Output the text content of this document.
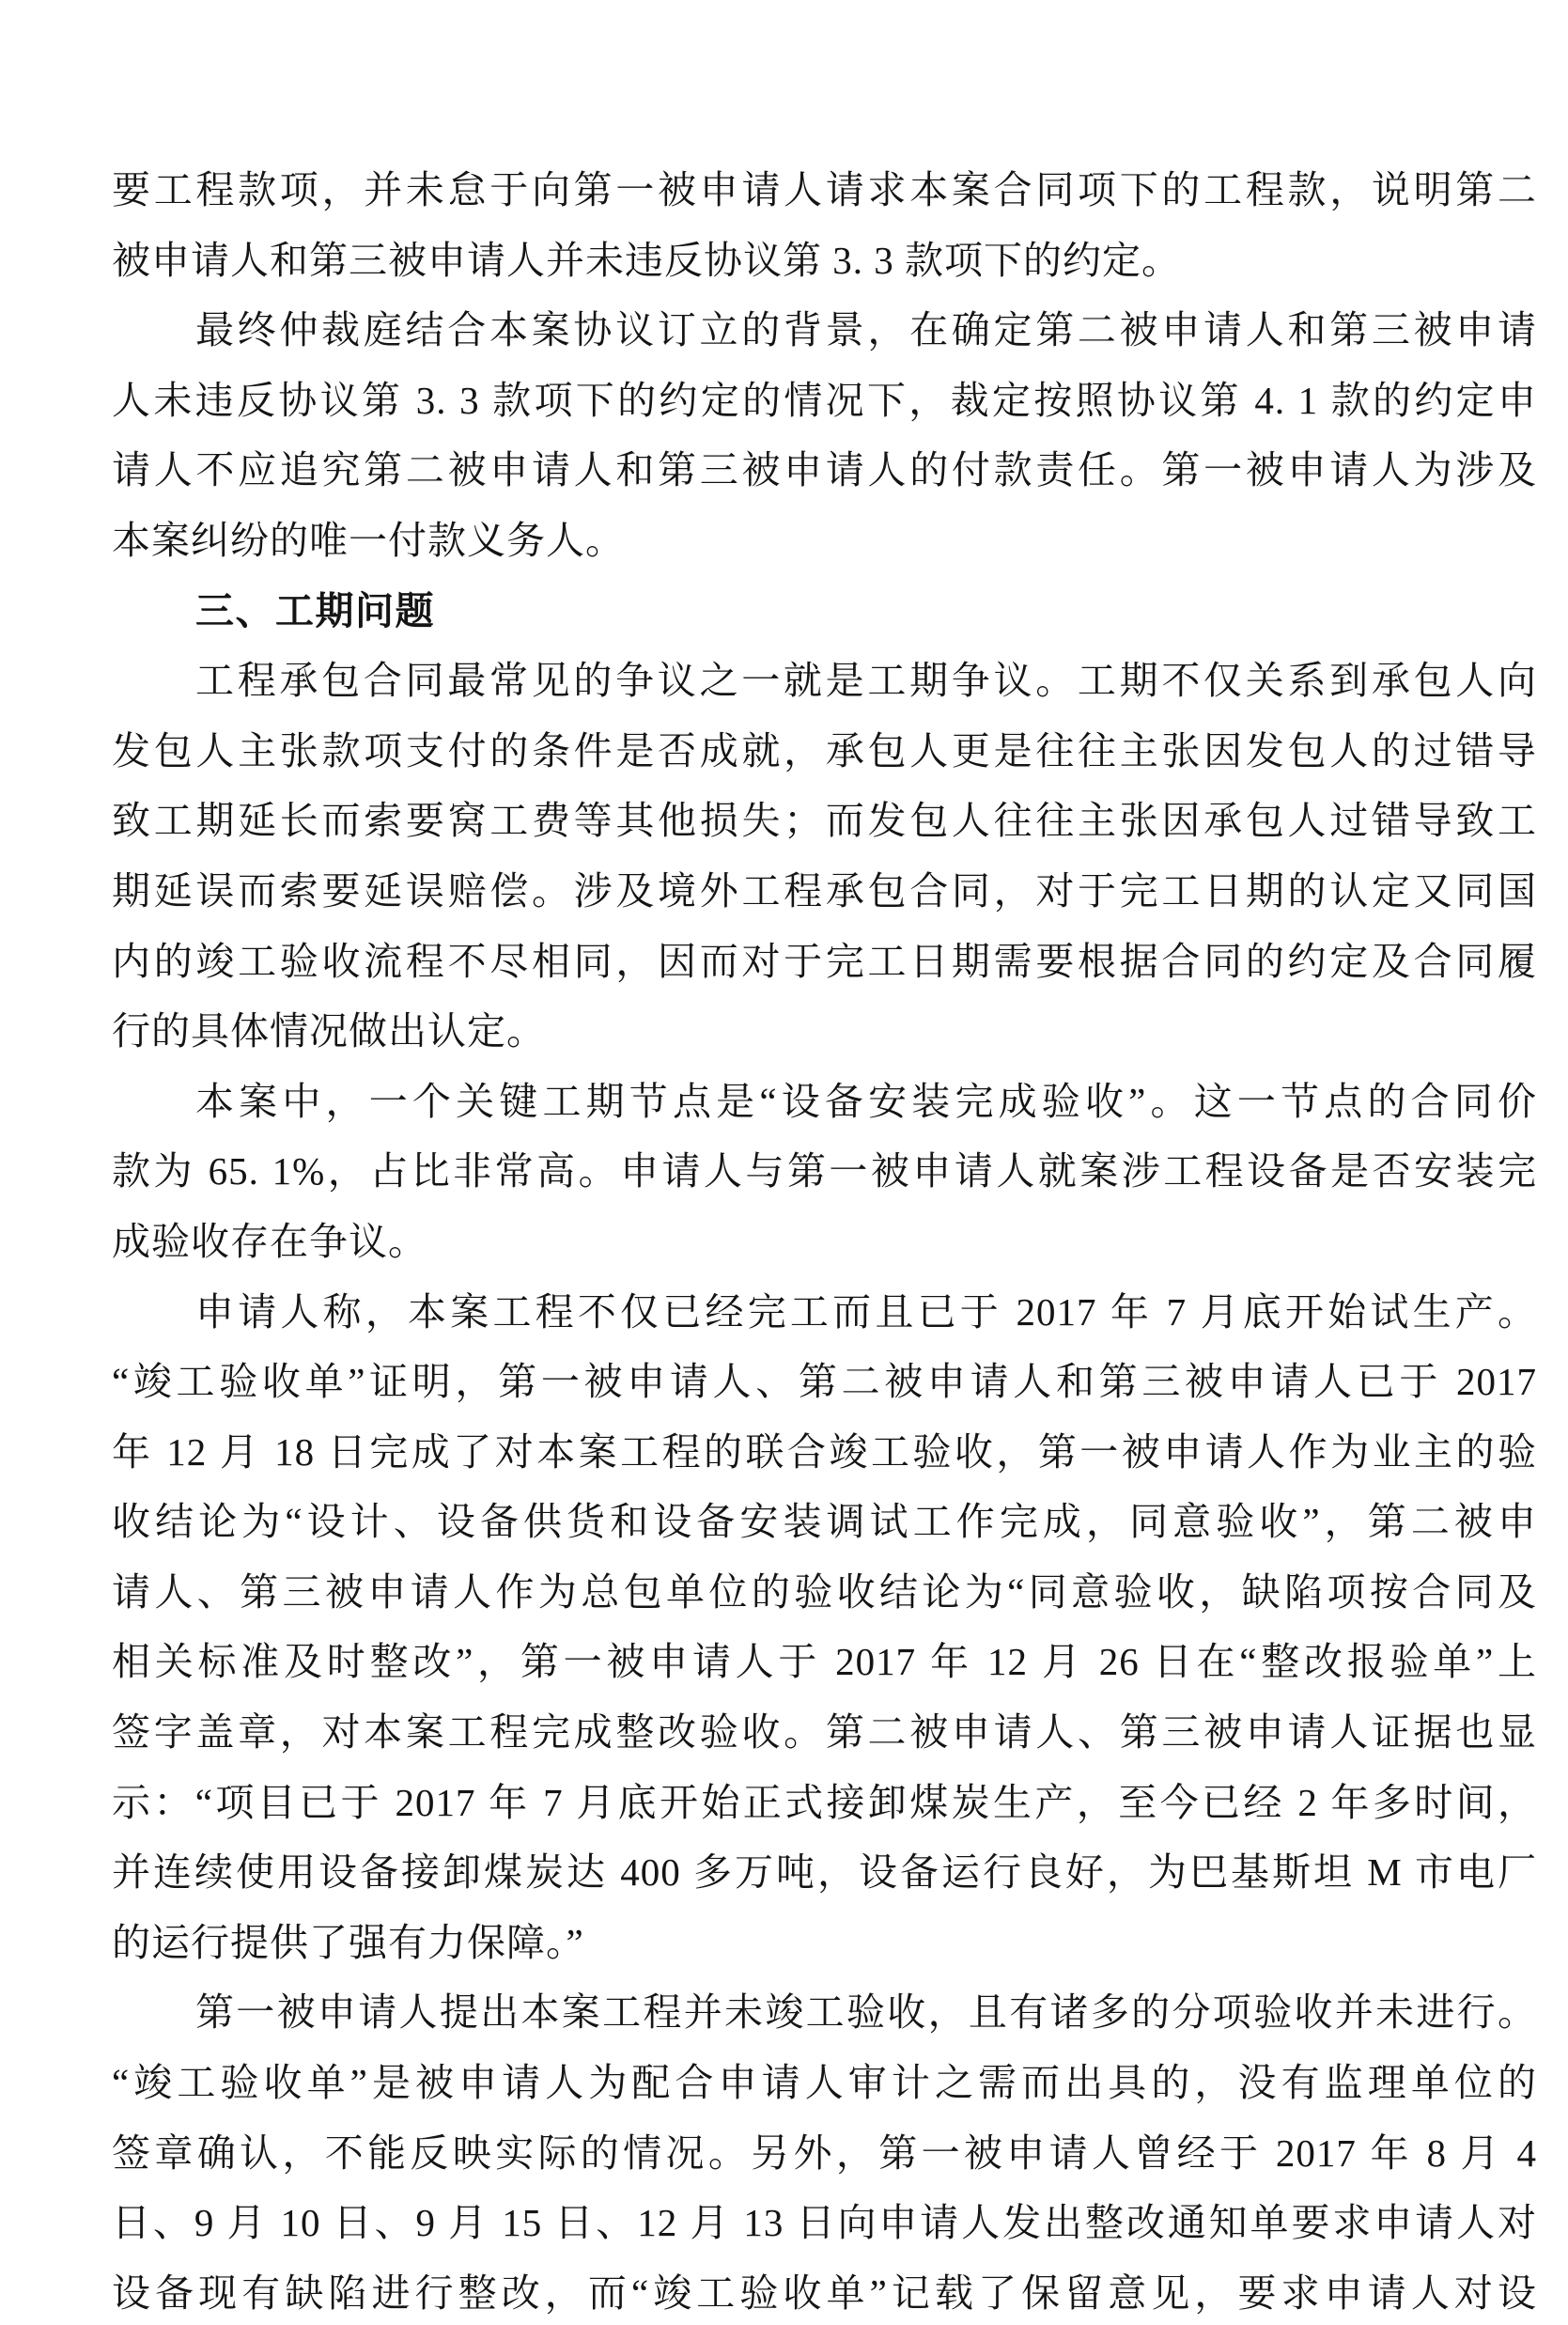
要工程款项，并未怠于向第一被申请人请求本案合同项下的工程款，说明第二
被申请人和第三被申请人并未违反协议第 3. 3 款项下的约定。
最终仲裁庭结合本案协议订立的背景，在确定第二被申请人和第三被申请
人未违反协议第 3. 3 款项下的约定的情况下，裁定按照协议第 4. 1 款的约定申
请人不应追究第二被申请人和第三被申请人的付款责任。第一被申请人为涉及
本案纠纷的唯一付款义务人。
三、工期问题
工程承包合同最常见的争议之一就是工期争议。工期不仅关系到承包人向
发包人主张款项支付的条件是否成就，承包人更是往往主张因发包人的过错导
致工期延长而索要窝工费等其他损失；而发包人往往主张因承包人过错导致工
期延误而索要延误赔偿。涉及境外工程承包合同，对于完工日期的认定又同国
内的竣工验收流程不尽相同，因而对于完工日期需要根据合同的约定及合同履
行的具体情况做出认定。
本案中，一个关键工期节点是“设备安装完成验收”。这一节点的合同价
款为 65. 1%，占比非常高。申请人与第一被申请人就案涉工程设备是否安装完
成验收存在争议。
申请人称，本案工程不仅已经完工而且已于 2017 年 7 月底开始试生产。
“竣工验收单”证明，第一被申请人、第二被申请人和第三被申请人已于 2017
年 12 月 18 日完成了对本案工程的联合竣工验收，第一被申请人作为业主的验
收结论为“设计、设备供货和设备安装调试工作完成，同意验收”，第二被申
请人、第三被申请人作为总包单位的验收结论为“同意验收，缺陷项按合同及
相关标准及时整改”，第一被申请人于 2017 年 12 月 26 日在“整改报验单”上
签字盖章，对本案工程完成整改验收。第二被申请人、第三被申请人证据也显
示：“项目已于 2017 年 7 月底开始正式接卸煤炭生产，至今已经 2 年多时间，
并连续使用设备接卸煤炭达 400 多万吨，设备运行良好，为巴基斯坦 M 市电厂
的运行提供了强有力保障。”
第一被申请人提出本案工程并未竣工验收，且有诸多的分项验收并未进行。
“竣工验收单”是被申请人为配合申请人审计之需而出具的，没有监理单位的
签章确认，不能反映实际的情况。另外，第一被申请人曾经于 2017 年 8 月 4
日、9 月 10 日、9 月 15 日、12 月 13 日向申请人发出整改通知单要求申请人对
设备现有缺陷进行整改，而“竣工验收单”记载了保留意见，要求申请人对设
